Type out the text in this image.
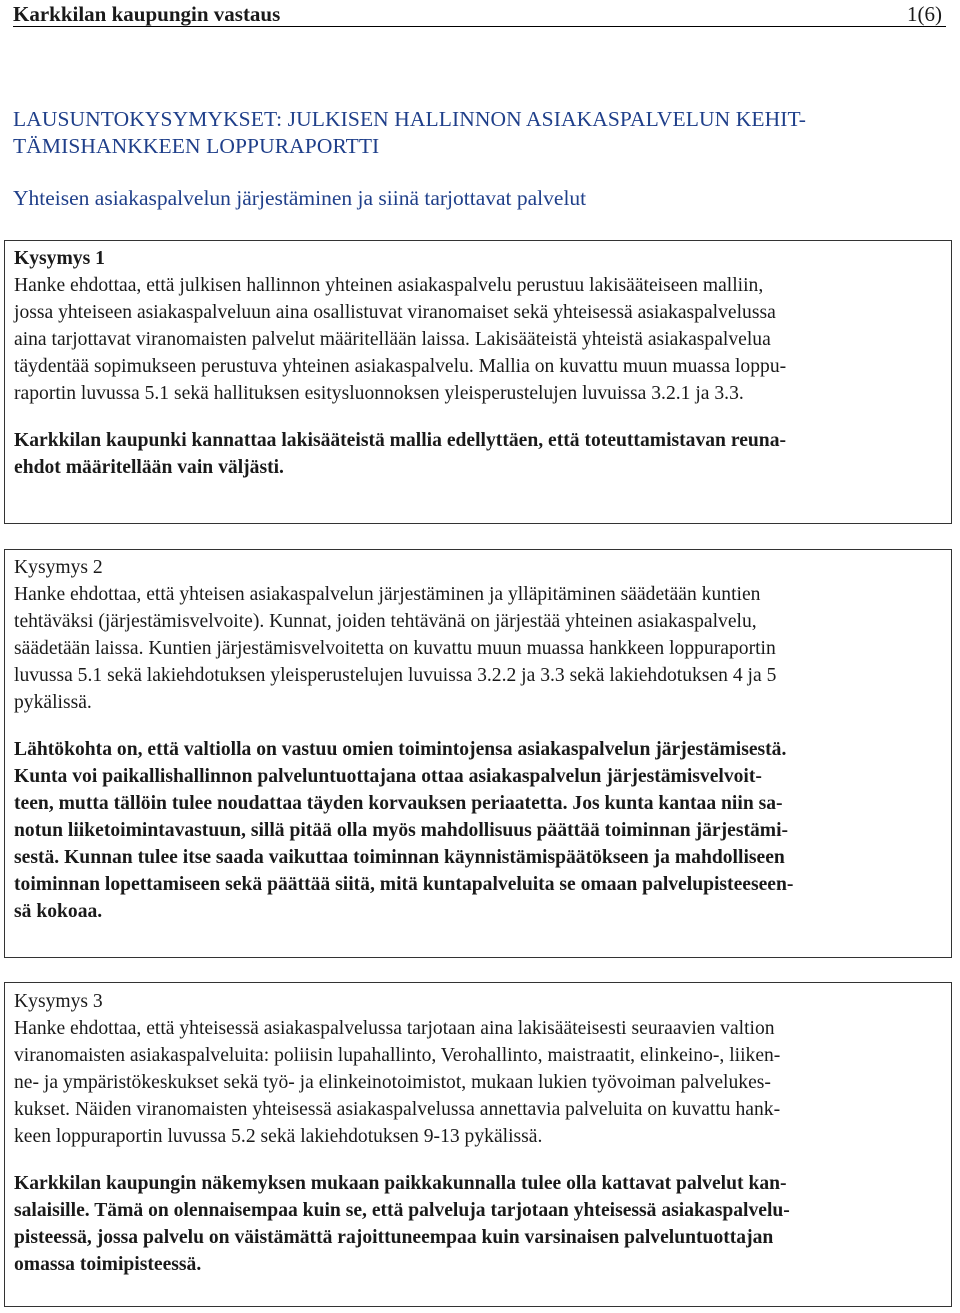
Karkkilan kaupungin vastaus	1(6)
LAUSUNTOKYSYMYKSET: JULKISEN HALLINNON ASIAKASPALVELUN KEHIT-
TÄMISHANKKEEN LOPPURAPORTTI
Yhteisen asiakaspalvelun järjestäminen ja siinä tarjottavat palvelut

Kysymys 1

Hanke ehdottaa, että julkisen hallinnon yhteinen asiakaspalvelu perustuu lakisääteiseen malliin,

jossa yhteiseen asiakaspalveluun aina osallistuvat viranomaiset sekä yhteisessä asiakaspalvelussa

aina tarjottavat viranomaisten palvelut määritellään laissa. Lakisääteistä yhteistä asiakaspalvelua

täydentää sopimukseen perustuva yhteinen asiakaspalvelu. Mallia on kuvattu muun muassa loppu-

raportin luvussa 5.1 sekä hallituksen esitysluonnoksen yleisperustelujen luvuissa 3.2.1 ja 3.3.

Karkkilan kaupunki kannattaa lakisääteistä mallia edellyttäen, että toteuttamistavan reuna-

ehdot määritellään vain väljästi.

Kysymys 2

Hanke ehdottaa, että yhteisen asiakaspalvelun järjestäminen ja ylläpitäminen säädetään kuntien

tehtäväksi (järjestämisvelvoite). Kunnat, joiden tehtävänä on järjestää yhteinen asiakaspalvelu,

säädetään laissa. Kuntien järjestämisvelvoitetta on kuvattu muun muassa hankkeen loppuraportin

luvussa 5.1 sekä lakiehdotuksen yleisperustelujen luvuissa 3.2.2 ja 3.3 sekä lakiehdotuksen 4 ja 5

pykälissä.

Lähtökohta on, että valtiolla on vastuu omien toimintojensa asiakaspalvelun järjestämisestä.

Kunta voi paikallishallinnon palveluntuottajana ottaa asiakaspalvelun järjestämisvelvoit-

teen, mutta tällöin tulee noudattaa täyden korvauksen periaatetta. Jos kunta kantaa niin sa-

notun liiketoimintavastuun, sillä pitää olla myös mahdollisuus päättää toiminnan järjestämi-

sestä. Kunnan tulee itse saada vaikuttaa toiminnan käynnistämispäätökseen ja mahdolliseen

toiminnan lopettamiseen sekä päättää siitä, mitä kuntapalveluita se omaan palvelupisteeseen-

sä kokoaa.

Kysymys 3

Hanke ehdottaa, että yhteisessä asiakaspalvelussa tarjotaan aina lakisääteisesti seuraavien valtion

viranomaisten asiakaspalveluita: poliisin lupahallinto, Verohallinto, maistraatit, elinkeino-, liiken-

ne- ja ympäristökeskukset sekä työ- ja elinkeinotoimistot, mukaan lukien työvoiman palvelukes-

kukset. Näiden viranomaisten yhteisessä asiakaspalvelussa annettavia palveluita on kuvattu hank-

keen loppuraportin luvussa 5.2 sekä lakiehdotuksen 9-13 pykälissä.

Karkkilan kaupungin näkemyksen mukaan paikkakunnalla tulee olla kattavat palvelut kan-

salaisille. Tämä on olennaisempaa kuin se, että palveluja tarjotaan yhteisessä asiakaspalvelu-

pisteessä, jossa palvelu on väistämättä rajoittuneempaa kuin varsinaisen palveluntuottajan

omassa toimipisteessä.
